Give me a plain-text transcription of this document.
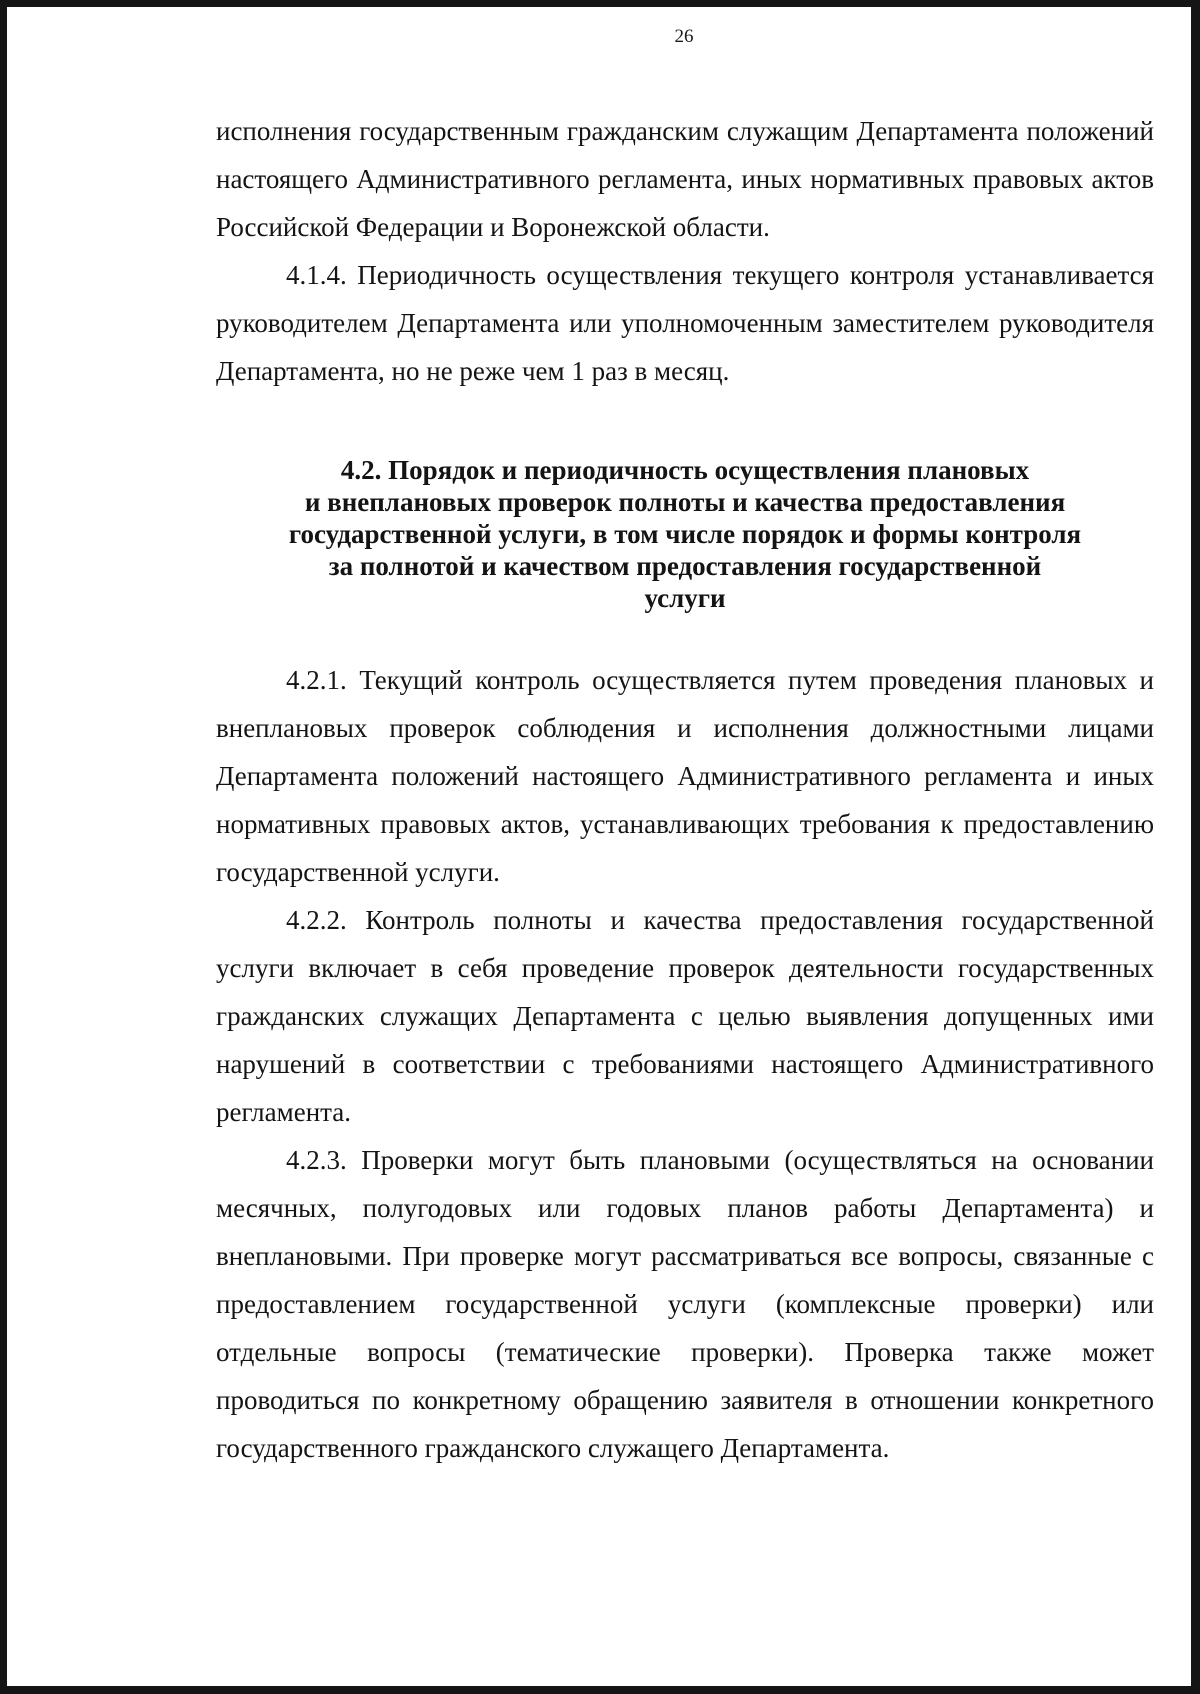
26

исполнения государственным гражданским служащим Департамента положений настоящего Административного регламента, иных нормативных правовых актов Российской Федерации и Воронежской области.

4.1.4. Периодичность осуществления текущего контроля устанавливается руководителем Департамента или уполномоченным заместителем руководителя Департамента, но не реже чем 1 раз в месяц.

4.2. Порядок и периодичность осуществления плановых
и внеплановых проверок полноты и качества предоставления
государственной услуги, в том числе порядок и формы контроля
за полнотой и качеством предоставления государственной
услуги

4.2.1. Текущий контроль осуществляется путем проведения плановых и внеплановых проверок соблюдения и исполнения должностными лицами Департамента положений настоящего Административного регламента и иных нормативных правовых актов, устанавливающих требования к предоставлению государственной услуги.

4.2.2. Контроль полноты и качества предоставления государственной услуги включает в себя проведение проверок деятельности государственных гражданских служащих Департамента с целью выявления допущенных ими нарушений в соответствии с требованиями настоящего Административного регламента.

4.2.3. Проверки могут быть плановыми (осуществляться на основании месячных, полугодовых или годовых планов работы Департамента) и внеплановыми. При проверке могут рассматриваться все вопросы, связанные с предоставлением государственной услуги (комплексные проверки) или отдельные вопросы (тематические проверки). Проверка также может проводиться по конкретному обращению заявителя в отношении конкретного государственного гражданского служащего Департамента.
